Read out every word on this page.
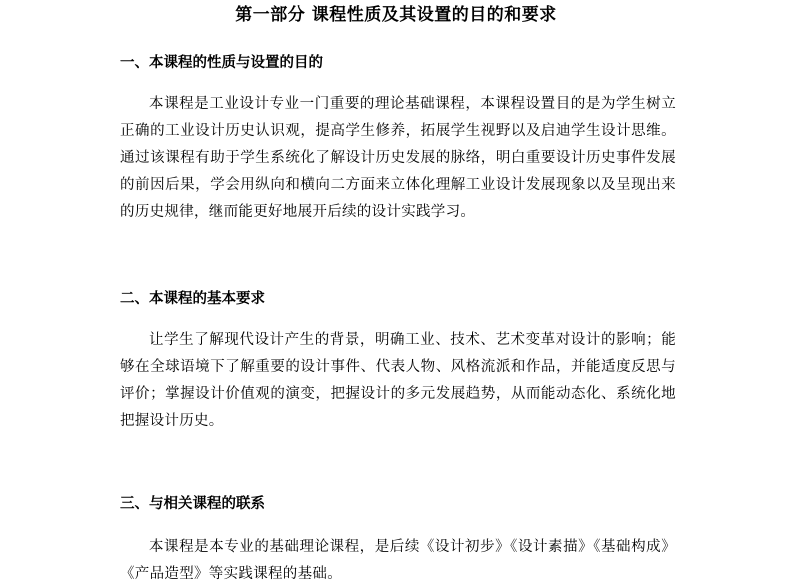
第一部分 课程性质及其设置的目的和要求
一、本课程的性质与设置的目的

本课程是工业设计专业一门重要的理论基础课程，本课程设置目的是为学生树立正确的工业设计历史认识观，提高学生修养，拓展学生视野以及启迪学生设计思维。通过该课程有助于学生系统化了解设计历史发展的脉络，明白重要设计历史事件发展的前因后果，学会用纵向和横向二方面来立体化理解工业设计发展现象以及呈现出来的历史规律，继而能更好地展开后续的设计实践学习。

二、本课程的基本要求

让学生了解现代设计产生的背景，明确工业、技术、艺术变革对设计的影响；能够在全球语境下了解重要的设计事件、代表人物、风格流派和作品，并能适度反思与评价；掌握设计价值观的演变，把握设计的多元发展趋势，从而能动态化、系统化地把握设计历史。

三、与相关课程的联系

本课程是本专业的基础理论课程，是后续《设计初步》《设计素描》《基础构成》《产品造型》等实践课程的基础。
